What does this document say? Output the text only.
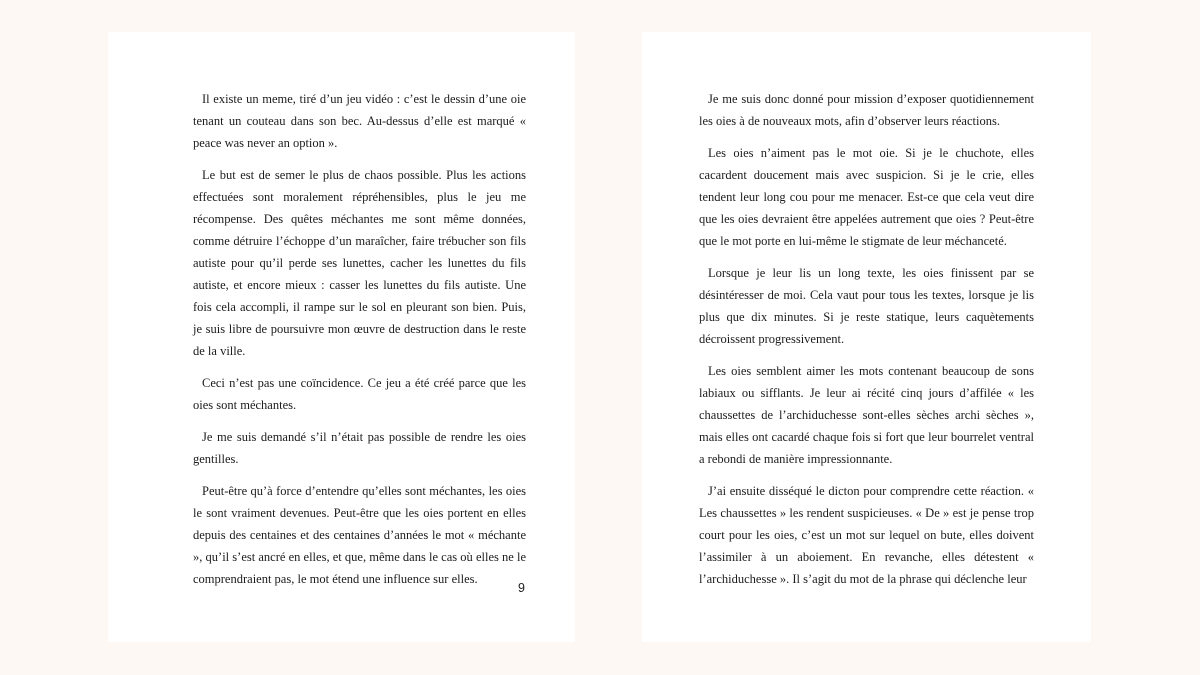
Il existe un meme, tiré d’un jeu vidéo : c’est le dessin d’une oie tenant un couteau dans son bec. Au-dessus d’elle est marqué « peace was never an option ».

Le but est de semer le plus de chaos possible. Plus les actions effectuées sont moralement répréhensibles, plus le jeu me récompense. Des quêtes méchantes me sont même données, comme détruire l’échoppe d’un maraîcher, faire trébucher son fils autiste pour qu’il perde ses lunettes, cacher les lunettes du fils autiste, et encore mieux : casser les lunettes du fils autiste. Une fois cela accompli, il rampe sur le sol en pleurant son bien. Puis, je suis libre de poursuivre mon œuvre de destruction dans le reste de la ville.

Ceci n’est pas une coïncidence. Ce jeu a été créé parce que les oies sont méchantes.

Je me suis demandé s’il n’était pas possible de rendre les oies gentilles.

Peut-être qu’à force d’entendre qu’elles sont méchantes, les oies le sont vraiment devenues. Peut-être que les oies portent en elles depuis des centaines et des centaines d’années le mot « méchante », qu’il s’est ancré en elles, et que, même dans le cas où elles ne le comprendraient pas, le mot étend une influence sur elles.

9

Je me suis donc donné pour mission d’exposer quotidiennement les oies à de nouveaux mots, afin d’observer leurs réactions.

Les oies n’aiment pas le mot oie. Si je le chuchote, elles cacardent doucement mais avec suspicion. Si je le crie, elles tendent leur long cou pour me menacer. Est-ce que cela veut dire que les oies devraient être appelées autrement que oies ? Peut-être que le mot porte en lui-même le stigmate de leur méchanceté.

Lorsque je leur lis un long texte, les oies finissent par se désintéresser de moi. Cela vaut pour tous les textes, lorsque je lis plus que dix minutes. Si je reste statique, leurs caquètements décroissent progressivement.

Les oies semblent aimer les mots contenant beaucoup de sons labiaux ou sifflants. Je leur ai récité cinq jours d’affilée « les chaussettes de l’archiduchesse sont-elles sèches archi sèches », mais elles ont cacardé chaque fois si fort que leur bourrelet ventral a rebondi de manière impressionnante.

J’ai ensuite disséqué le dicton pour comprendre cette réaction. « Les chaussettes » les rendent suspicieuses. « De » est je pense trop court pour les oies, c’est un mot sur lequel on bute, elles doivent l’assimiler à un aboiement. En revanche, elles détestent « l’archiduchesse ». Il s’agit du mot de la phrase qui déclenche leur
